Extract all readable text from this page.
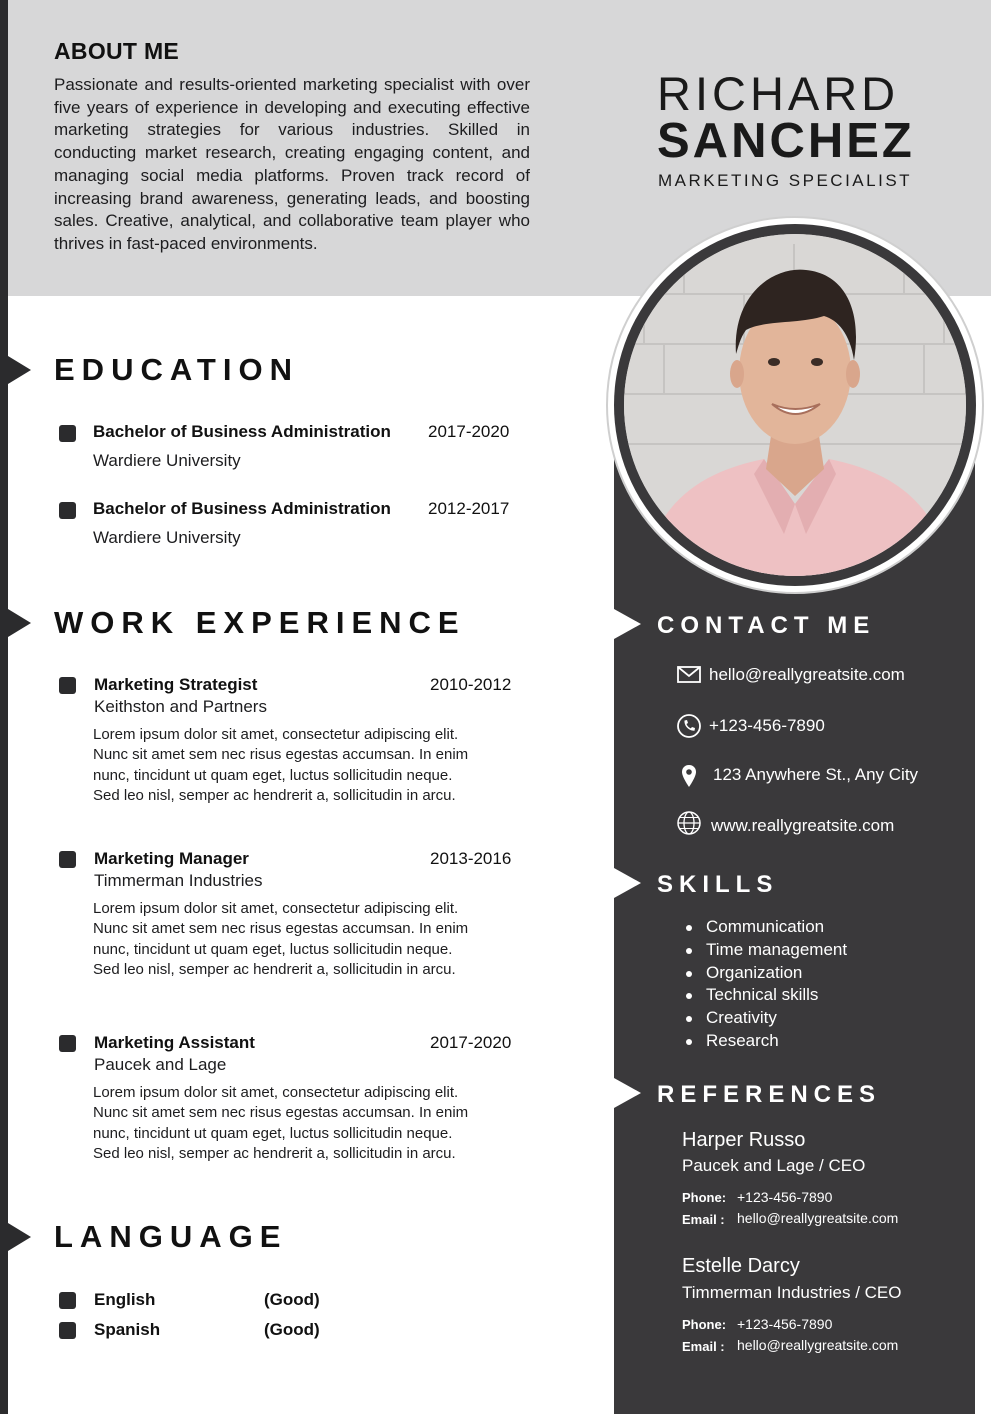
ABOUT ME
Passionate and results-oriented marketing specialist with over five years of experience in developing and executing effective marketing strategies for various industries. Skilled in conducting market research, creating engaging content, and managing social media platforms. Proven track record of increasing brand awareness, generating leads, and boosting sales. Creative, analytical, and collaborative team player who thrives in fast-paced environments.
RICHARD
SANCHEZ
MARKETING SPECIALIST
EDUCATION
Bachelor of Business Administration 2017-2020
Wardiere University
Bachelor of Business Administration 2012-2017
Wardiere University
WORK EXPERIENCE
Marketing Strategist	2010-2012
Keithston and Partners
Lorem ipsum dolor sit amet, consectetur adipiscing elit.
Nunc sit amet sem nec risus egestas accumsan. In enim
nunc, tincidunt ut quam eget, luctus sollicitudin neque.
Sed leo nisl, semper ac hendrerit a, sollicitudin in arcu.
Marketing Manager	2013-2016
Timmerman Industries
Lorem ipsum dolor sit amet, consectetur adipiscing elit.
Nunc sit amet sem nec risus egestas accumsan. In enim
nunc, tincidunt ut quam eget, luctus sollicitudin neque.
Sed leo nisl, semper ac hendrerit a, sollicitudin in arcu.
Marketing Assistant	2017-2020
Paucek and Lage
Lorem ipsum dolor sit amet, consectetur adipiscing elit.
Nunc sit amet sem nec risus egestas accumsan. In enim
nunc, tincidunt ut quam eget, luctus sollicitudin neque.
Sed leo nisl, semper ac hendrerit a, sollicitudin in arcu.
LANGUAGE
English	(Good)
Spanish	(Good)
CONTACT ME
hello@reallygreatsite.com
+123-456-7890
123 Anywhere St., Any City
www.reallygreatsite.com
SKILLS
Communication
Time management
Organization
Technical skills
Creativity
Research
REFERENCES
Harper Russo
Paucek and Lage / CEO
Phone: +123-456-7890
Email : hello@reallygreatsite.com
Estelle Darcy
Timmerman Industries / CEO
Phone: +123-456-7890
Email : hello@reallygreatsite.com
